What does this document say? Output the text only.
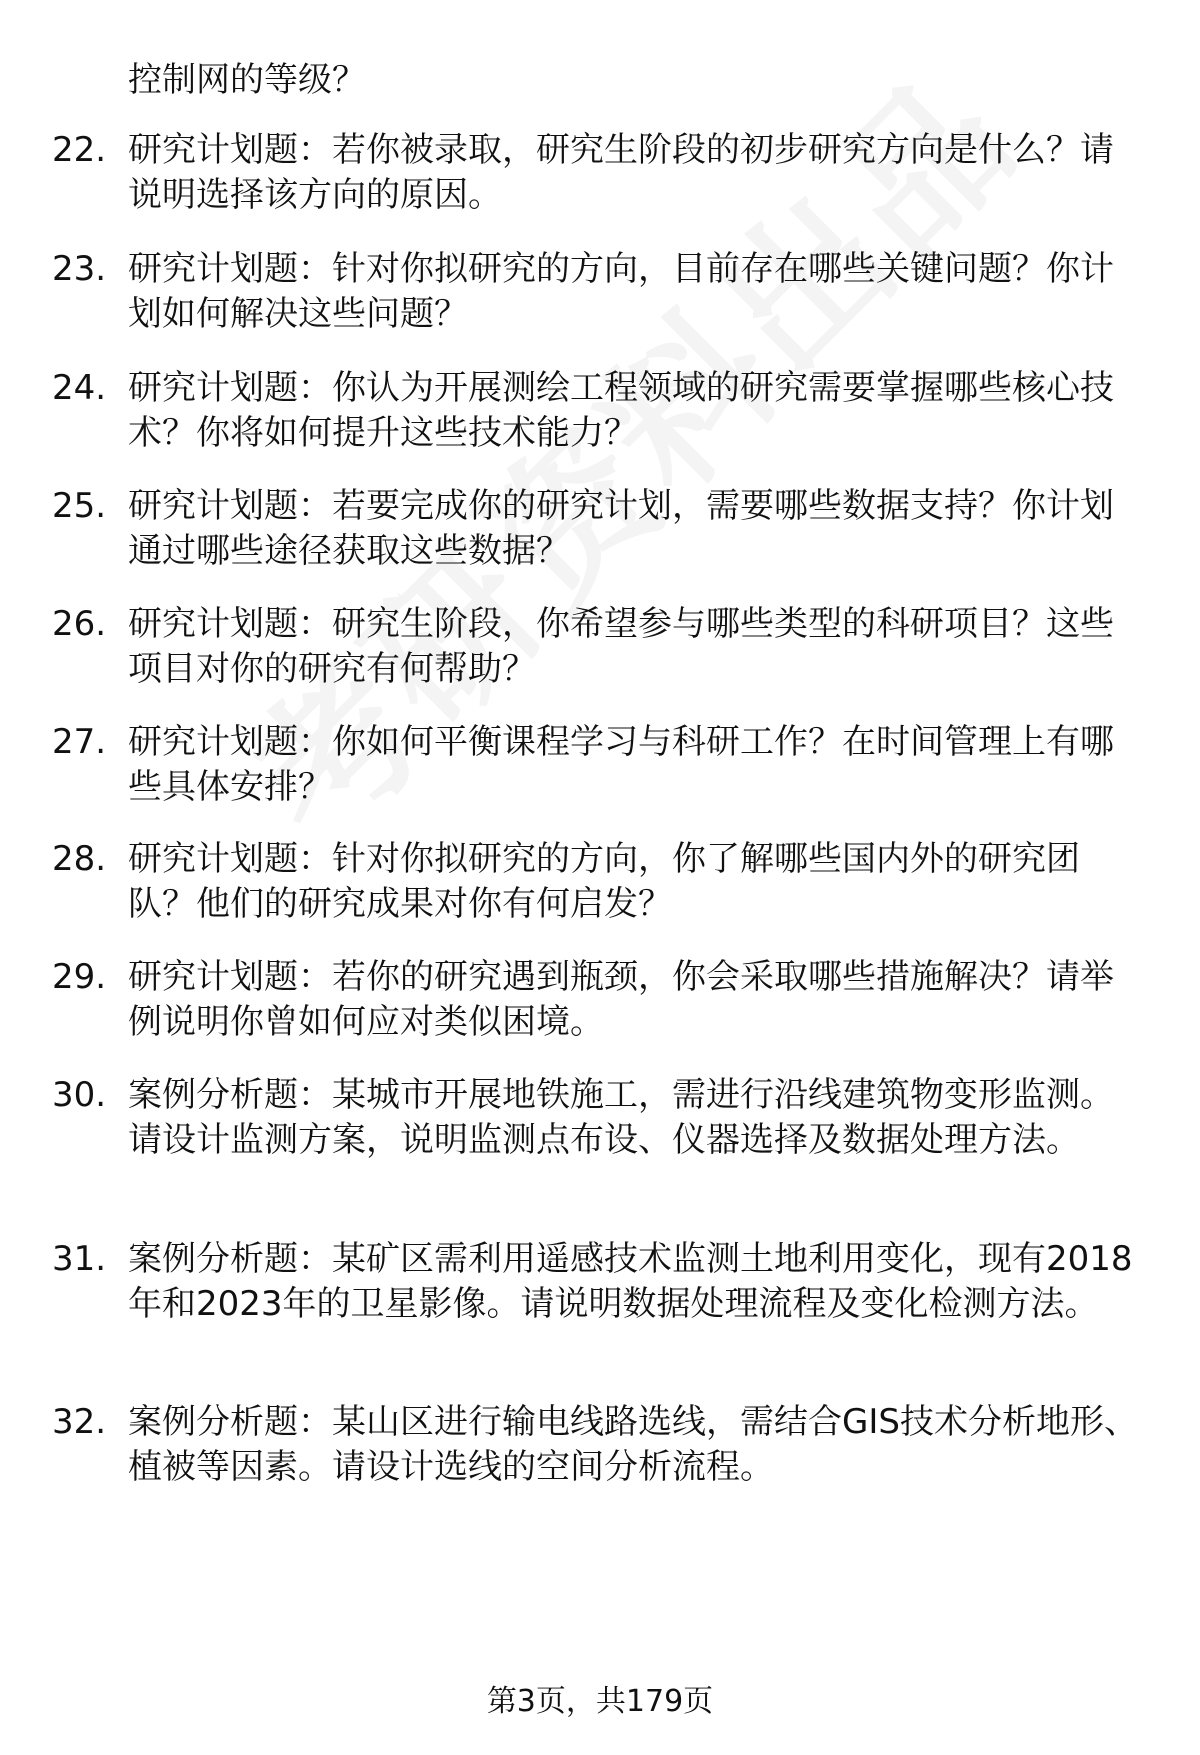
控制网的等级？

22. 研究计划题：若你被录取，研究生阶段的初步研究方向是什么？请说明选择该方向的原因。

23. 研究计划题：针对你拟研究的方向，目前存在哪些关键问题？你计划如何解决这些问题？

24. 研究计划题：你认为开展测绘工程领域的研究需要掌握哪些核心技术？你将如何提升这些技术能力？

25. 研究计划题：若要完成你的研究计划，需要哪些数据支持？你计划通过哪些途径获取这些数据？

26. 研究计划题：研究生阶段，你希望参与哪些类型的科研项目？这些项目对你的研究有何帮助？

27. 研究计划题：你如何平衡课程学习与科研工作？在时间管理上有哪些具体安排？

28. 研究计划题：针对你拟研究的方向，你了解哪些国内外的研究团队？他们的研究成果对你有何启发？

29. 研究计划题：若你的研究遇到瓶颈，你会采取哪些措施解决？请举例说明你曾如何应对类似困境。

30. 案例分析题：某城市开展地铁施工，需进行沿线建筑物变形监测。请设计监测方案，说明监测点布设、仪器选择及数据处理方法。

31. 案例分析题：某矿区需利用遥感技术监测土地利用变化，现有2018年和2023年的卫星影像。请说明数据处理流程及变化检测方法。

32. 案例分析题：某山区进行输电线路选线，需结合GIS技术分析地形、植被等因素。请设计选线的空间分析流程。

第3页，共179页
